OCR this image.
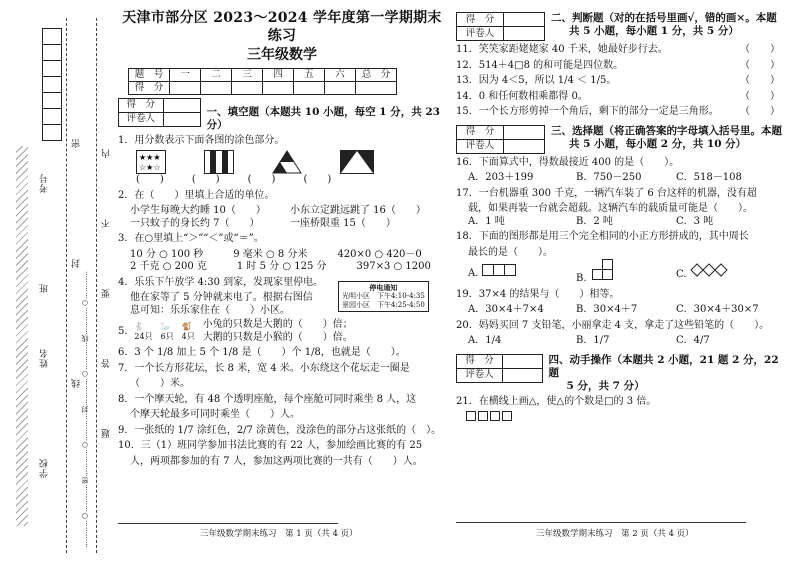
考号
班
姓名
学校
密
封
线
内
不
要
答
题
…………○…………密…………○…………封…………○…………线…………○…………
天津市部分区 2023～2024 学年度第一学期期末练习
三年级数学
题　号	一	二	三	四	五	六	总　分
得　分							
得　分	
评卷人	
一、填空题（本题共 10 小题，每空 1 分，共 23 分）
1．用分数表示下面各图的涂色部分。
★★★
☆★☆
(　　)	(　　)	(　　)	(　　)
2．在（　　）里填上合适的单位。
小学生每晚大约睡 10（　　） 小东立定跳远跳了 16（　　）
一只蚊子的身长约 7（　　）	一座桥限重 15（　　）
3．在○里填上“＞”“＜”或“＝”。
10 分 ○ 100 秒　　　9 毫米 ○ 8 分米　　　420×0 ○ 420－0
2 千克 ○ 200 克　　　1 时 5 分 ○ 125 分　　　397×3 ○ 1200
4．乐乐下午放学 4:30 到家，发现家里停电。
他在家等了 5 分钟就来电了。根据右图信
息可知：乐乐家住在（　　）小区。
停电通知
光明小区　下午4:10-4:35
景园小区　下午4:25-4:50
5． 🐇
24只
🦢
6只
🐒
4只
小兔的只数是大鹅的（　　）倍；
大鹅的只数是小猴的（　　）倍。
6．3 个 1/8 加上 5 个 1/8 是（　　）个 1/8，也就是（　　）。
7．一个长方形花坛，长 8 米，宽 4 米。小东绕这个花坛走一圈是
（　　）米。
8．一个摩天轮，有 48 个透明座舱，每个座舱可同时乘坐 8 人，这
个摩天轮最多可同时乘坐（　　）人。
9．一张纸的 1/7 涂红色，2/7 涂黄色，没涂色的部分占这张纸的（　）。
10．三（1）班同学参加书法比赛的有 22 人，参加绘画比赛的有 25
人，两项都参加的有 7 人，参加这两项比赛的一共有（　　）人。
三年级数学期末练习　第 1 页（共 4 页）
得　分	
评卷人	
二、判断题（对的在括号里画√，错的画×。本题
共 5 小题，每小题 1 分，共 5 分）
11．笑笑家距姥姥家 40 千米，她最好步行去。	（　　）
12．514＋4□8 的和可能是四位数。	（　　）
13．因为 4＜5，所以 1/4 ＜ 1/5。	（　　）
14．0 和任何数相乘都得 0。	（　　）
15．一个长方形剪掉一个角后，剩下的部分一定是三角形。 （　　）
得　分	
评卷人	
三、选择题（将正确答案的字母填入括号里。本题
共 5 小题，每小题 2 分，共 10 分）
16．下面算式中，得数最接近 400 的是（　　）。
A．203＋199	B．750－250	C．518－108
17．一台机器重 300 千克，一辆汽车装了 6 台这样的机器，没有超
载，如果再装一台就会超载。这辆汽车的载质量可能是（　　）。
A．1 吨	B．2 吨	C．3 吨
18．下面的图形都是用三个完全相同的小正方形拼成的，其中周长
最长的是（　　）。
A.	B.	C.
19．37×4 的结果与（　　）相等。
A．30×4＋7×4	B．30×4＋7	C．30×4＋30×7
20．妈妈买回 7 支铅笔，小丽拿走 4 支，拿走了这些铅笔的（　　）。
A．1/4	B．1/7	C．4/7
得　分	
评卷人	
四、动手操作（本题共 2 小题，21 题 2 分，22 题
5 分，共 7 分）
21．在横线上画△，使△的个数是□的 3 倍。
三年级数学期末练习　第 2 页（共 4 页）
